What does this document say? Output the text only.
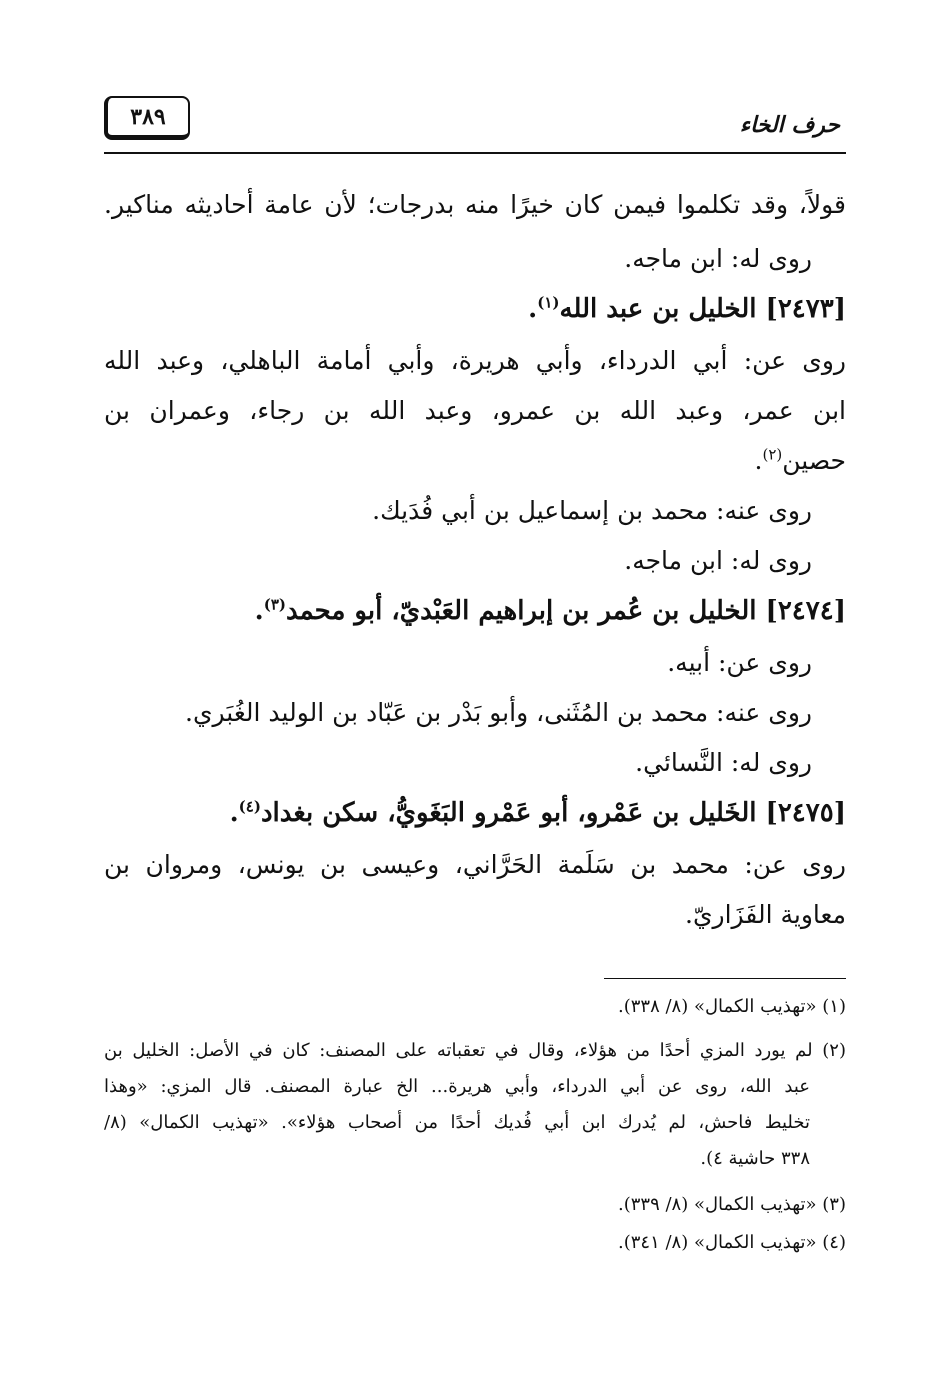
حرف الخاء
٣٨٩
قولاً، وقد تكلموا فيمن كان خيرًا منه بدرجات؛ لأن عامة أحاديثه مناكير.
روى له: ابن ماجه.
[٢٤٧٣] الخليل بن عبد الله$^{(١)}$.
روى عن: أبي الدرداء، وأبي هريرة، وأبي أمامة الباهلي، وعبد الله
ابن عمر، وعبد الله بن عمرو، وعبد الله بن رجاء، وعمران بن
حصين$^{(٢)}$.
روى عنه: محمد بن إسماعيل بن أبي فُدَيك.
روى له: ابن ماجه.
[٢٤٧٤] الخليل بن عُمر بن إبراهيم العَبْديّ، أبو محمد$^{(٣)}$.
روى عن: أبيه.
روى عنه: محمد بن المُثَنى، وأبو بَدْر بن عَبّاد بن الوليد الغُبَري.
روى له: النَّسائي.
[٢٤٧٥] الخَليل بن عَمْرو، أبو عَمْرو البَغَويُّ، سكن بغداد$^{(٤)}$.
روى عن: محمد بن سَلَمة الحَرَّاني، وعيسى بن يونس، ومروان بن
معاوية الفَزَاريّ.
(١) «تهذيب الكمال» (٨/ ٣٣٨).
(٢) لم يورد المزي أحدًا من هؤلاء، وقال في تعقباته على المصنف: كان في الأصل: الخليل بن
عبد الله، روى عن أبي الدرداء، وأبي هريرة... الخ عبارة المصنف. قال المزي: «وهذا
تخليط فاحش، لم يُدرك ابن أبي فُديك أحدًا من أصحاب هؤلاء». «تهذيب الكمال» (٨/
٣٣٨ حاشية ٤).
(٣) «تهذيب الكمال» (٨/ ٣٣٩).
(٤) «تهذيب الكمال» (٨/ ٣٤١).
